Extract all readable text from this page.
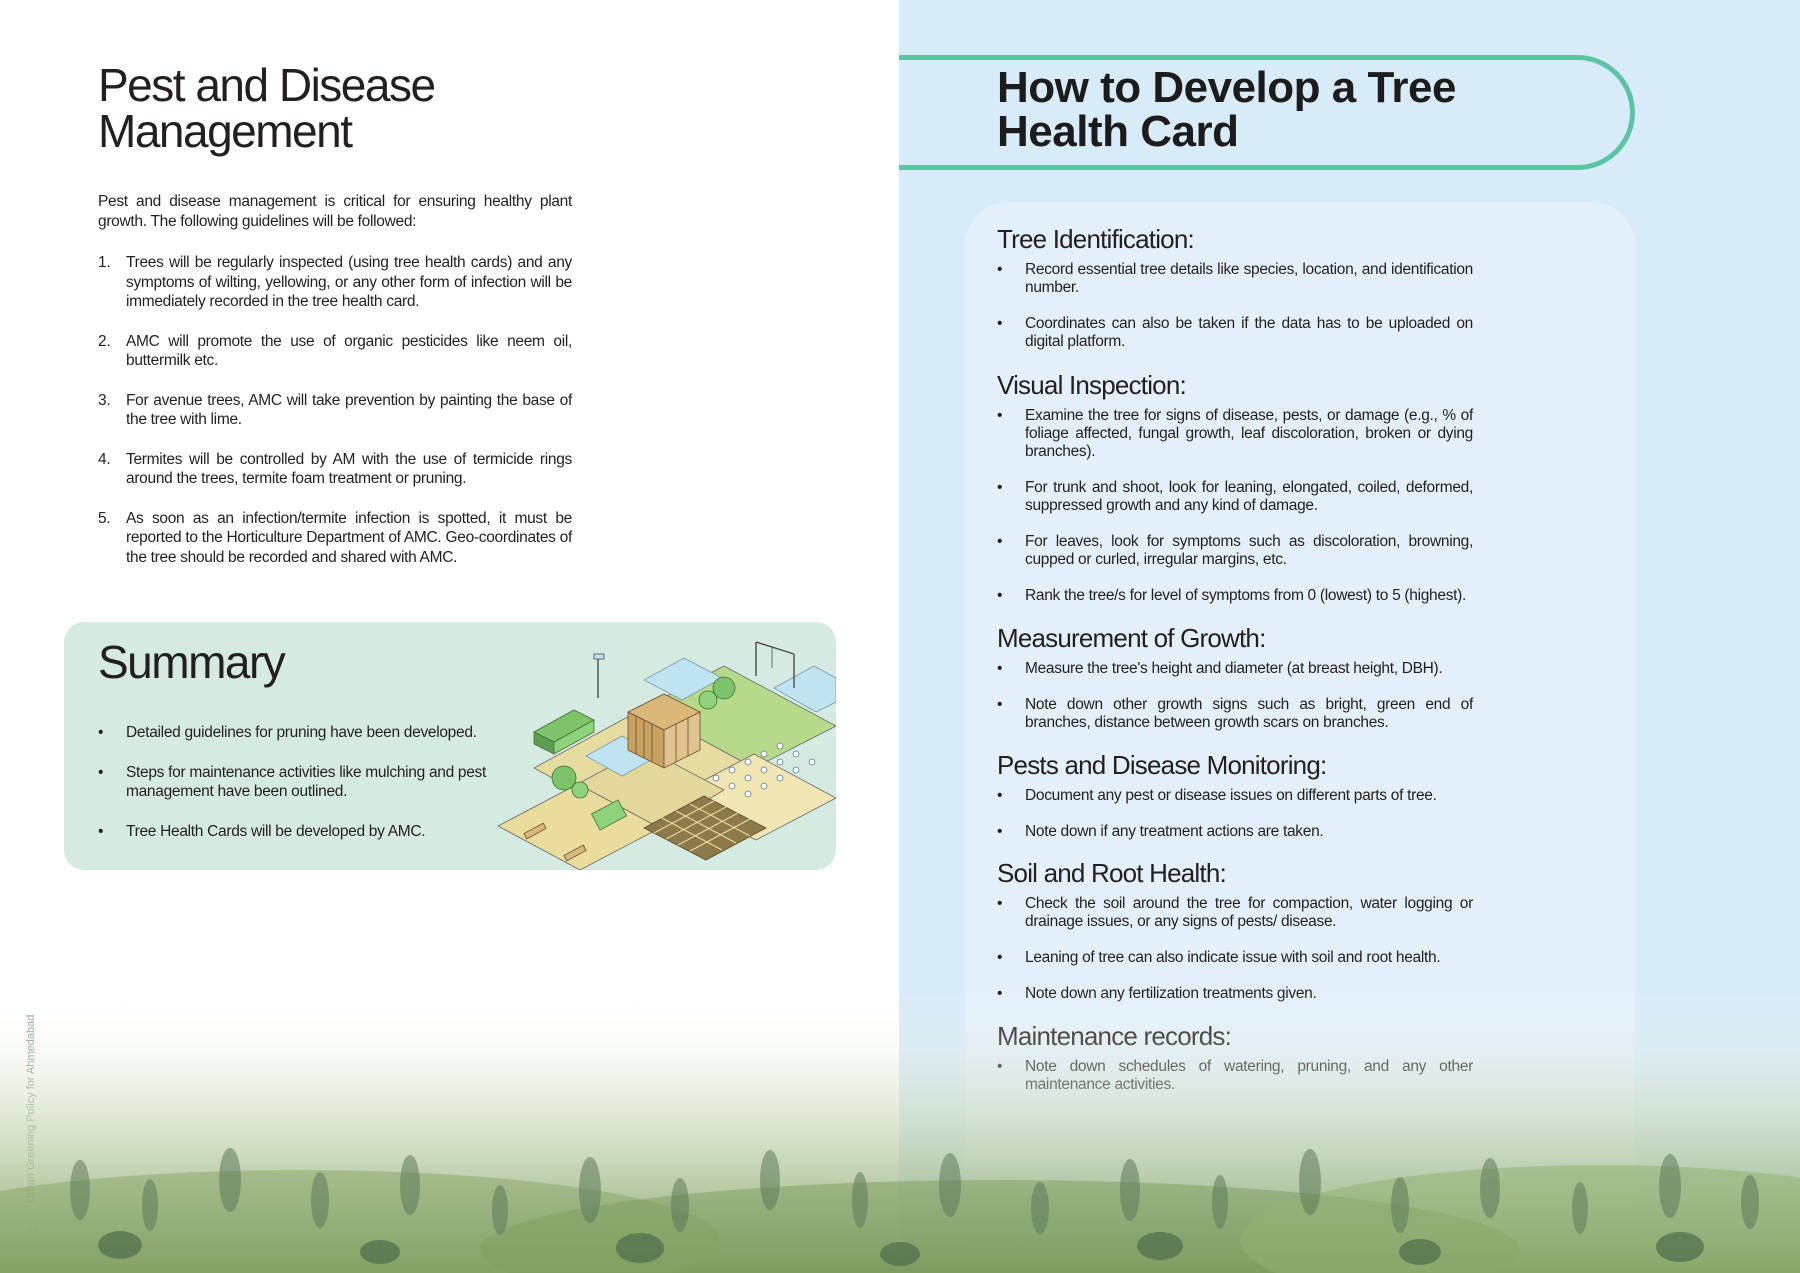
Pest and Disease Management

Pest and disease management is critical for ensuring healthy plant growth. The following guidelines will be followed:

1. Trees will be regularly inspected (using tree health cards) and any symptoms of wilting, yellowing, or any other form of infection will be immediately recorded in the tree health card.
2. AMC will promote the use of organic pesticides like neem oil, buttermilk etc.
3. For avenue trees, AMC will take prevention by painting the base of the tree with lime.
4. Termites will be controlled by AM with the use of termicide rings around the trees, termite foam treatment or pruning.
5. As soon as an infection/termite infection is spotted, it must be reported to the Horticulture Department of AMC. Geo-coordinates of the tree should be recorded and shared with AMC.
Summary
• Detailed guidelines for pruning have been developed.
• Steps for maintenance activities like mulching and pest management have been outlined.
• Tree Health Cards will be developed by AMC.
How to Develop a Tree Health Card
Tree Identification:
• Record essential tree details like species, location, and identification number.
• Coordinates can also be taken if the data has to be uploaded on digital platform.
Visual Inspection:
• Examine the tree for signs of disease, pests, or damage (e.g., % of foliage affected, fungal growth, leaf discoloration, broken or dying branches).
• For trunk and shoot, look for leaning, elongated, coiled, deformed, suppressed growth and any kind of damage.
• For leaves, look for symptoms such as discoloration, browning, cupped or curled, irregular margins, etc.
• Rank the tree/s for level of symptoms from 0 (lowest) to 5 (highest).
Measurement of Growth:
• Measure the tree's height and diameter (at breast height, DBH).
• Note down other growth signs such as bright, green end of branches, distance between growth scars on branches.
Pests and Disease Monitoring:
• Document any pest or disease issues on different parts of tree.
• Note down if any treatment actions are taken.
Soil and Root Health:
• Check the soil around the tree for compaction, water logging or drainage issues, or any signs of pests/ disease.
• Leaning of tree can also indicate issue with soil and root health.
